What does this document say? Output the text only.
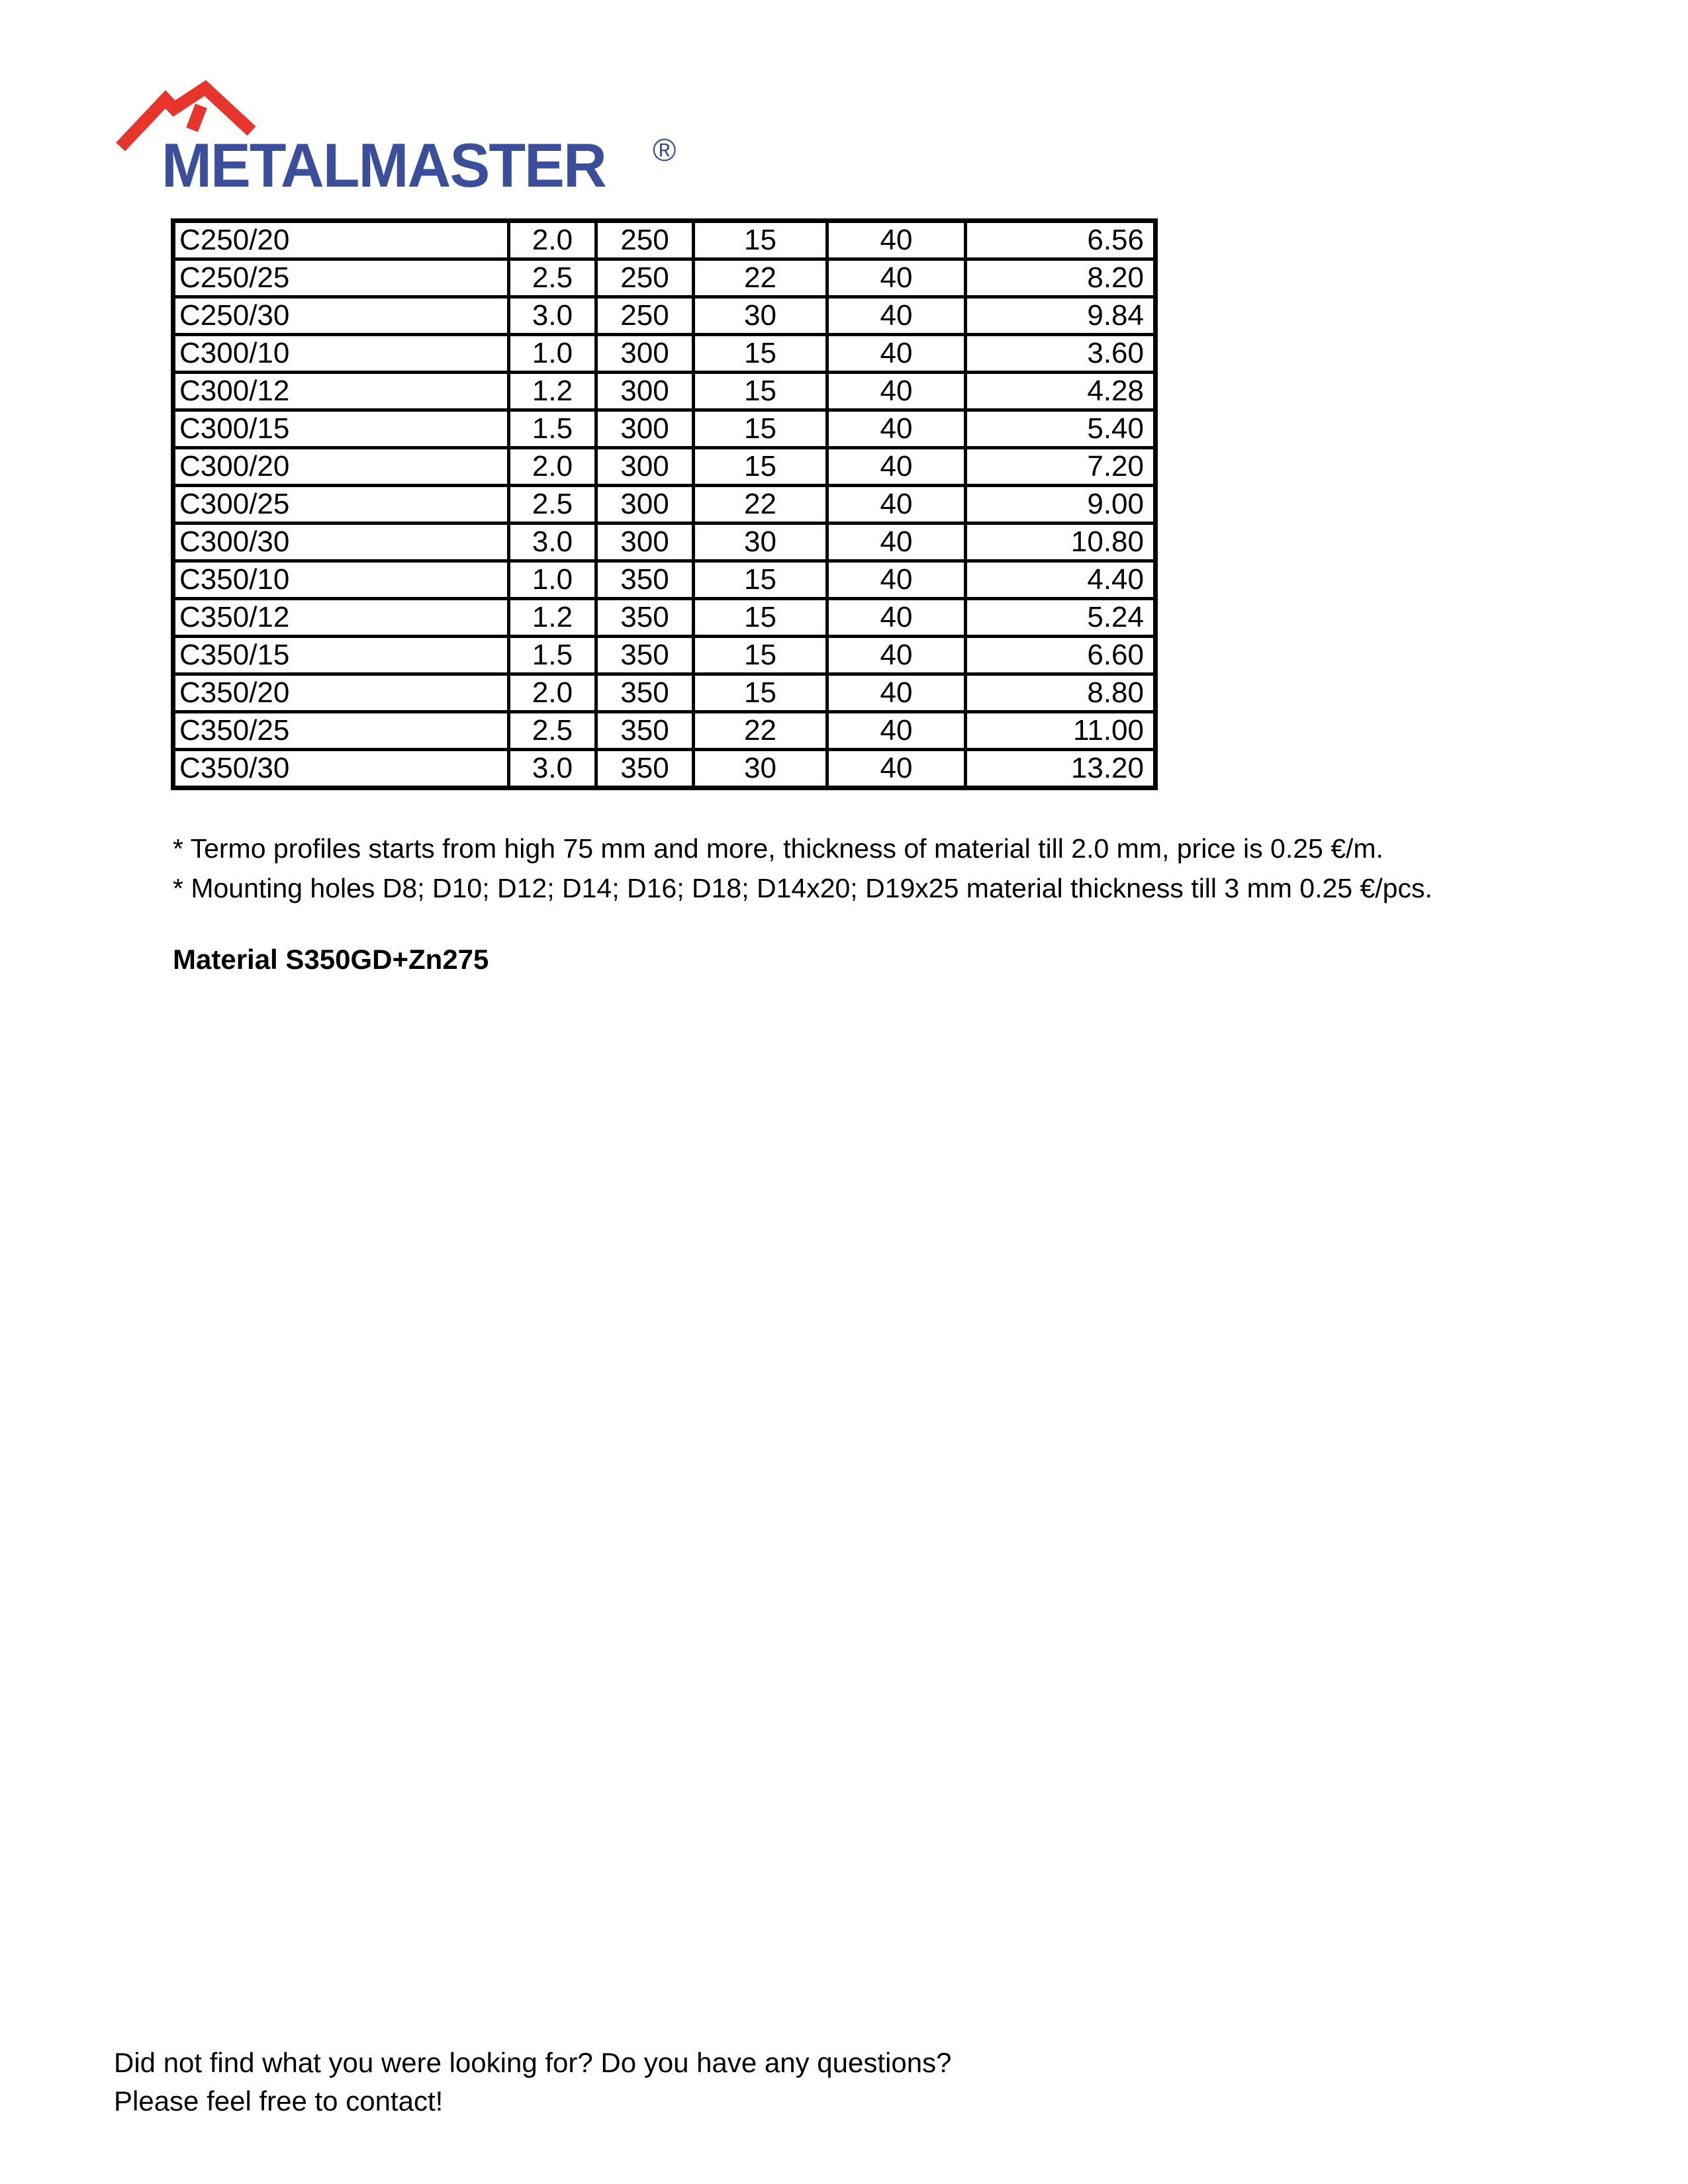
METALMASTER ®
C250/20	2.0	250	15	40	6.56
C250/25	2.5	250	22	40	8.20
C250/30	3.0	250	30	40	9.84
C300/10	1.0	300	15	40	3.60
C300/12	1.2	300	15	40	4.28
C300/15	1.5	300	15	40	5.40
C300/20	2.0	300	15	40	7.20
C300/25	2.5	300	22	40	9.00
C300/30	3.0	300	30	40	10.80
C350/10	1.0	350	15	40	4.40
C350/12	1.2	350	15	40	5.24
C350/15	1.5	350	15	40	6.60
C350/20	2.0	350	15	40	8.80
C350/25	2.5	350	22	40	11.00
C350/30	3.0	350	30	40	13.20
* Termo profiles starts from high 75 mm and more, thickness of material till 2.0 mm, price is 0.25 €/m.
* Mounting holes D8; D10; D12; D14; D16; D18; D14x20; D19x25 material thickness till 3 mm 0.25 €/pcs.
Material S350GD+Zn275
Did not find what you were looking for? Do you have any questions?
Please feel free to contact!
